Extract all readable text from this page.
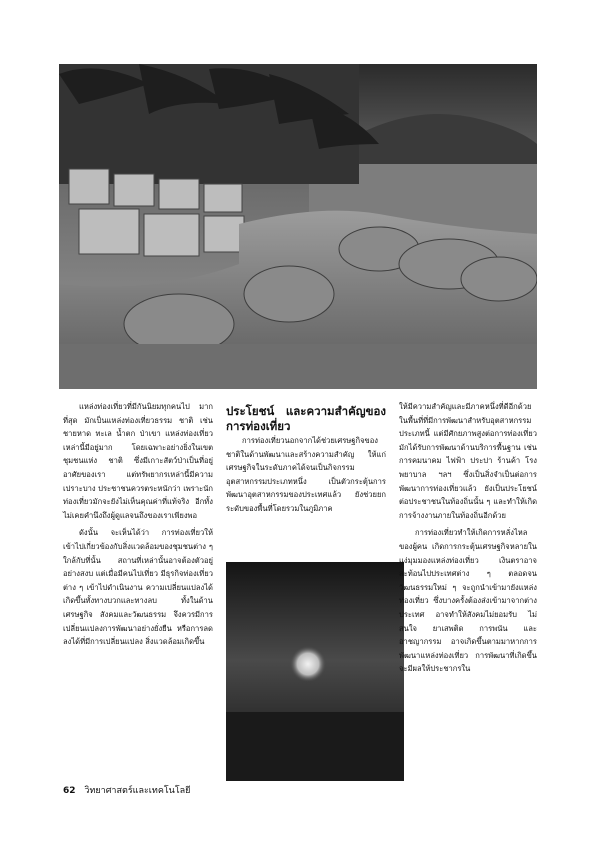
แหล่งท่องเที่ยวที่มีกันนิยมทุกคนไป มากที่สุด มักเป็นแหล่งท่องเที่ยวธรรม ชาติ เช่น ชายหาด ทะเล น้ำตก ป่าเขา แหล่งท่องเที่ยวเหล่านี้มีอยู่มาก โดยเฉพาะอย่างยิ่งในเขตชุมชนแห่ง ชาติ ซึ่งมีเกาะสัตว์ป่าเป็นที่อยู่อาศัยของเรา แต่ทรัพยากรเหล่านี้มีความเปราะบาง ประชาชนควรตระหนักว่า เพราะนักท่องเที่ยวมักจะยังไม่เห็นคุณค่าที่แท้จริง อีกทั้งไม่เคยคำนึงถึงผู้ดูแลจนถึงของเราเพียงพอ

ดังนั้น จะเห็นได้ว่า การท่องเที่ยวให้เข้าไปเกี่ยวข้องกับสิ่งแวดล้อมของชุมชนต่าง ๆ ใกล้กับที่นั้น สถานที่เหล่านั้นอาจต้องตัวอยู่อย่างสงบ แต่เมื่อมีคนไปเที่ยว มีธุรกิจท่องเที่ยวต่าง ๆ เข้าไปดำเนินงาน ความเปลี่ยนแปลงได้เกิดขึ้นทั้งทางบวกและทางลบ ทั้งในด้านเศรษฐกิจ สังคมและวัฒนธรรม จึงควรมีการเปลี่ยนแปลงการพัฒนาอย่างยั่งยืน หรือการลดลงได้ที่มีการเปลี่ยนแปลง สิ่งแวดล้อมเกิดขึ้น

ประโยชน์ และความสำคัญของการท่องเที่ยว

การท่องเที่ยวนอกจากได้ช่วยเศรษฐกิจของชาติในด้านพัฒนาและสร้างความสำคัญ ให้แก่เศรษฐกิจในระดับภาคได้จนเป็นกิจกรรมอุตสาหกรรมประเภทหนึ่ง เป็นตัวกระตุ้นการพัฒนาอุตสาหกรรมของประเทศแล้ว ยังช่วยยกระดับของพื้นที่โดยรวมในภูมิภาค

ให้มีความสำคัญและมีภาคหนึ่งที่ดีอีกด้วย ในพื้นที่ที่มีการพัฒนาสำหรับอุตสาหกรรมประเภทนี้ แต่มีศักยภาพสูงต่อการท่องเที่ยวมักได้รับการพัฒนาด้านบริการพื้นฐาน เช่น การคมนาคม ไฟฟ้า ประปา ร้านค้า โรงพยาบาล ฯลฯ ซึ่งเป็นสิ่งจำเป็นต่อการพัฒนาการท่องเที่ยวแล้ว ยังเป็นประโยชน์ต่อประชาชนในท้องถิ่นนั้น ๆ และทำให้เกิดการจ้างงานภายในท้องถิ่นอีกด้วย

การท่องเที่ยวทำให้เกิดการหลั่งไหลของผู้คน เกิดการกระตุ้นเศรษฐกิจหลายในแง่มุมมองแหล่งท่องเที่ยว เงินตราอาจสะท้อนไปประเทศต่าง ๆ ตลอดจนวัฒนธรรมใหม่ ๆ จะถูกนำเข้ามายังแหล่งท่องเที่ยว ซึ่งบางครั้งต้องส่งเข้ามาจากต่างประเทศ อาจทำให้สังคมไม่ยอมรับ ไม่สนใจ ยาเสพติด การพนัน และอาชญากรรม อาจเกิดขึ้นตามมาหากการพัฒนาแหล่งท่องเที่ยว การพัฒนาที่เกิดขึ้นจะมีผลให้ประชากรใน

62 วิทยาศาสตร์และเทคโนโลยี
